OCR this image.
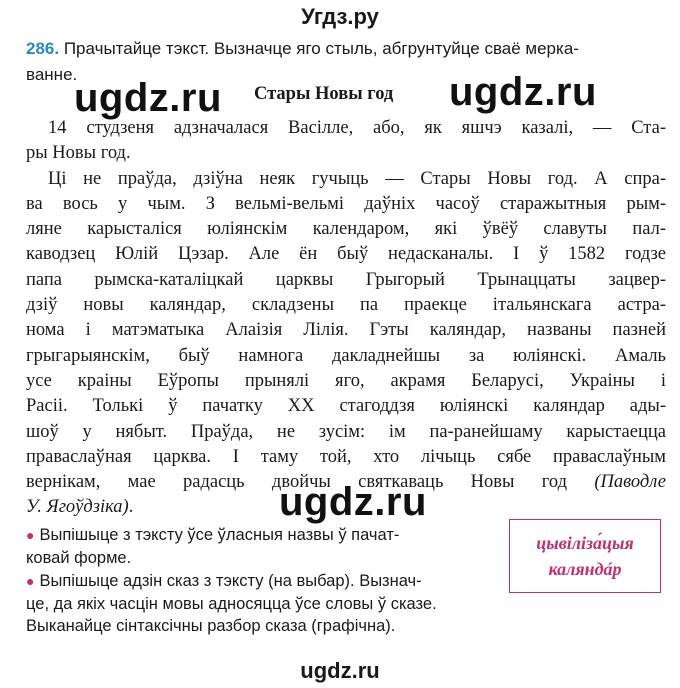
Угдз.ру
ugdz.ru	ugdz.ru
ugdz.ru
286. Прачытайце тэкст. Вызначце яго стыль, абгрунтуйце сваё мерка-
ванне.
Стары Новы год
14 студзеня адзначалася Васілле, або, як яшчэ казалі, — Ста-
ры Новы год.
Ці не праўда, дзіўна неяк гучыць — Стары Новы год. А спра-
ва вось у чым. З вельмі-вельмі даўніх часоў старажытныя рым-
ляне карысталіся юліянскім календаром, які ўвёў славуты пал-
каводзец Юлій Цэзар. Але ён быў недасканалы. І ў 1582 годзе
папа рымска-каталіцкай царквы Грыгорый Трынаццаты зацвер-
дзіў новы каляндар, складзены па праекце італьянскага астра-
нома і матэматыка Алаізія Лілія. Гэты каляндар, названы пазней
грыгарыянскім, быў намнога дакладнейшы за юліянскі. Амаль
усе краіны Еўропы прынялі яго, акрамя Беларусі, Украіны і
Расіі. Толькі ў пачатку XX стагоддзя юліянскі каляндар ады-
шоў у нябыт. Праўда, не зусім: ім па-ранейшаму карыстаецца
праваслаўная царква. І таму той, хто лічыць сябе праваслаўным
вернікам, мае радасць двойчы святкаваць Новы год (Паводле
У. Ягоўдзіка).
● Выпішыце з тэксту ўсе ўласныя назвы ў пачат-
ковай форме.
● Выпішыце адзін сказ з тэксту (на выбар). Вызнач-
це, да якіх часцін мовы адносяцца ўсе словы ў сказе.
Выканайце сінтаксічны разбор сказа (графічна).
цывілiза́цыя
каляндáр
ugdz.ru
